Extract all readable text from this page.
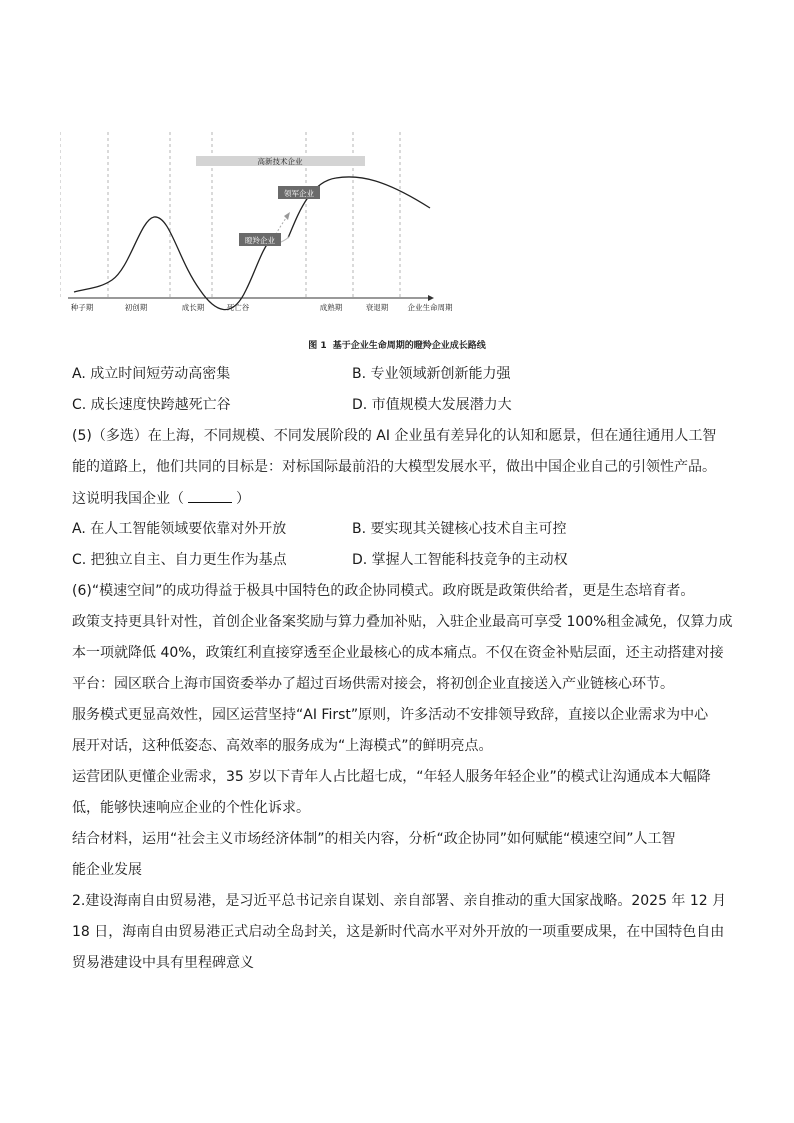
高新技术企业
领军企业
瞪羚企业
种子期	初创期	成长期	死亡谷	成熟期	衰退期	企业生命周期
图 1 基于企业生命周期的瞪羚企业成长路线
A. 成立时间短劳动高密集	B. 专业领域新创新能力强
C. 成长速度快跨越死亡谷	D. 市值规模大发展潜力大
(5)（多选）在上海，不同规模、不同发展阶段的 AI 企业虽有差异化的认知和愿景，但在通往通用人工智
能的道路上，他们共同的目标是：对标国际最前沿的大模型发展水平，做出中国企业自己的引领性产品。
这说明我国企业（	）
A. 在人工智能领域要依靠对外开放	B. 要实现其关键核心技术自主可控
C. 把独立自主、自力更生作为基点	D. 掌握人工智能科技竞争的主动权
(6)“模速空间”的成功得益于极具中国特色的政企协同模式。政府既是政策供给者，更是生态培育者。
政策支持更具针对性，首创企业备案奖励与算力叠加补贴，入驻企业最高可享受 100%租金减免，仅算力成
本一项就降低 40%，政策红利直接穿透至企业最核心的成本痛点。不仅在资金补贴层面，还主动搭建对接
平台：园区联合上海市国资委举办了超过百场供需对接会，将初创企业直接送入产业链核心环节。
服务模式更显高效性，园区运营坚持“AI First”原则，许多活动不安排领导致辞，直接以企业需求为中心
展开对话，这种低姿态、高效率的服务成为“上海模式”的鲜明亮点。
运营团队更懂企业需求，35 岁以下青年人占比超七成，“年轻人服务年轻企业”的模式让沟通成本大幅降
低，能够快速响应企业的个性化诉求。
结合材料，运用“社会主义市场经济体制”的相关内容，分析“政企协同”如何赋能“模速空间”人工智
能企业发展
2.建设海南自由贸易港，是习近平总书记亲自谋划、亲自部署、亲自推动的重大国家战略。2025 年 12 月
18 日，海南自由贸易港正式启动全岛封关，这是新时代高水平对外开放的一项重要成果，在中国特色自由
贸易港建设中具有里程碑意义
